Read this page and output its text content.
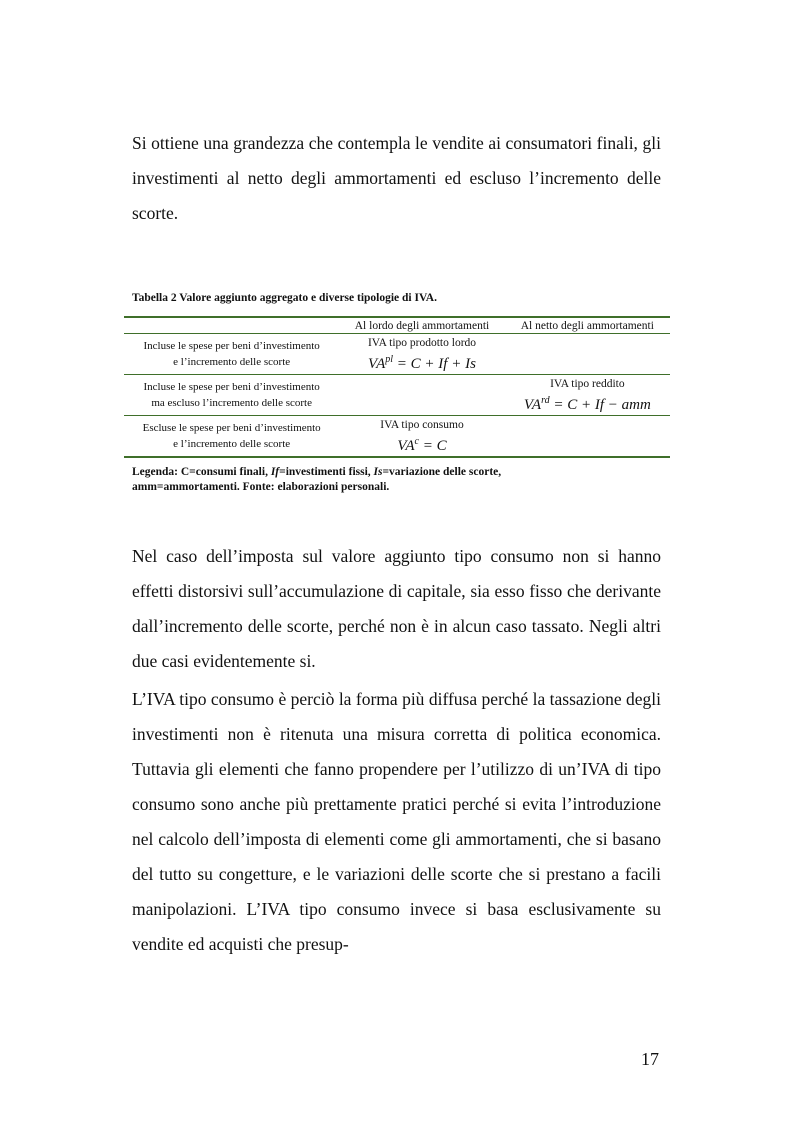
Si ottiene una grandezza che contempla le vendite ai consumatori finali, gli investimenti al netto degli ammortamenti ed escluso l’incremento delle scorte.

Tabella 2 Valore aggiunto aggregato e diverse tipologie di IVA.

	Al lordo degli ammortamenti	Al netto degli ammortamenti
Incluse le spese per beni d’investimento
e l’incremento delle scorte	IVA tipo prodotto lordo
$VA^{pl} = C + If + Is$	

Incluse le spese per beni d’investimento
ma escluso l’incremento delle scorte		IVA tipo reddito
$VA^{rd} = C + If$ − amm

Escluse le spese per beni d’investimento
e l’incremento delle scorte	IVA tipo consumo
$VA^c = C$	

Legenda: C=consumi finali, If=investimenti fissi, Is=variazione delle scorte,
amm=ammortamenti. Fonte: elaborazioni personali.

Nel caso dell’imposta sul valore aggiunto tipo consumo non si hanno effetti distorsivi sull’accumulazione di capitale, sia esso fisso che derivante dall’incremento delle scorte, perché non è in alcun caso tassato. Negli altri due casi evidentemente si.

L’IVA tipo consumo è perciò la forma più diffusa perché la tassazione degli investimenti non è ritenuta una misura corretta di politica economica. Tuttavia gli elementi che fanno propendere per l’utilizzo di un’IVA di tipo consumo sono anche più prettamente pratici perché si evita l’introduzione nel calcolo dell’imposta di elementi come gli ammortamenti, che si basano del tutto su congetture, e le variazioni delle scorte che si prestano a facili manipolazioni. L’IVA tipo consumo invece si basa esclusivamente su vendite ed acquisti che presup-

17
